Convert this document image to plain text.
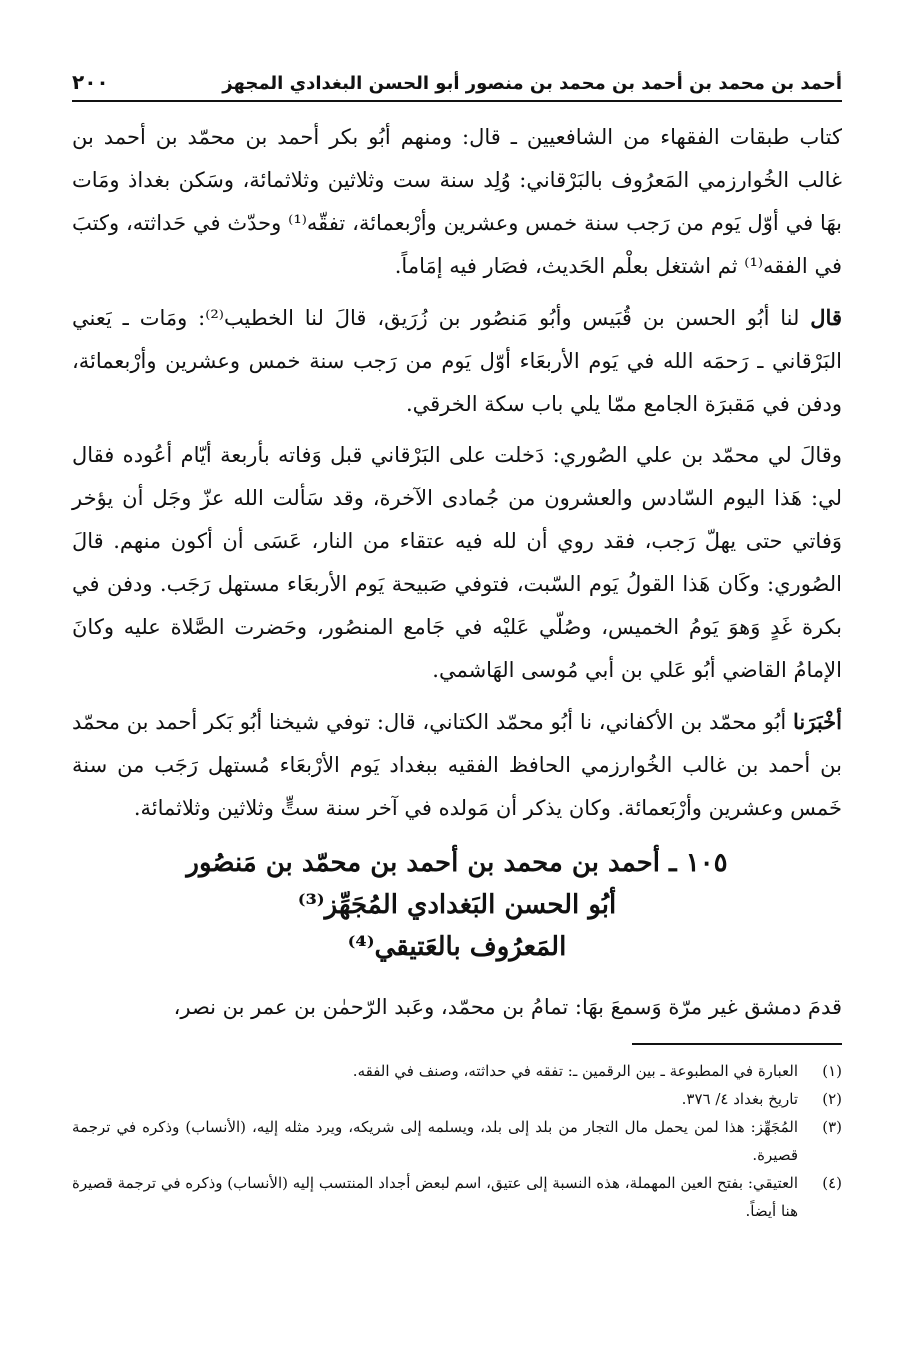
أحمد بن محمد بن أحمد بن محمد بن منصور أبو الحسن البغدادي المجهز
٢٠٠

كتاب طبقات الفقهاء من الشافعيين ـ قال: ومنهم أبُو بكر أحمد بن محمّد بن أحمد بن غالب الخُوارزمي المَعرُوف بالبَرْقاني: وُلِد سنة ست وثلاثين وثلاثمائة، وسَكن بغداذ ومَات بهَا في أوّل يَوم من رَجب سنة خمس وعشرين وأرْبعمائة، تفقّه⁽¹⁾ وحدّث في حَداثته، وكتبَ في الفقه⁽¹⁾ ثم اشتغل بعلْم الحَديث، فصَار فيه إمَاماً.

قال لنا أبُو الحسن بن قُبَيس وأبُو مَنصُور بن زُرَيق، قالَ لنا الخطيب⁽²⁾: ومَات ـ يَعني البَرْقاني ـ رَحمَه الله في يَوم الأربعَاء أوّل يَوم من رَجب سنة خمس وعشرين وأرْبعمائة، ودفن في مَقبرَة الجامع ممّا يلي باب سكة الخرقي.

وقالَ لي محمّد بن علي الصُوري: دَخلت على البَرْقاني قبل وَفاته بأربعة أيّام أعُوده فقال لي: هَذا اليوم السّادس والعشرون من جُمادى الآخرة، وقد سَألت الله عزّ وجَل أن يؤخر وَفاتي حتى يهلّ رَجب، فقد روي أن لله فيه عتقاء من النار، عَسَى أن أكون منهم. قالَ الصُوري: وكَان هَذا القولُ يَوم السّبت، فتوفي صَبيحة يَوم الأربعَاء مستهل رَجَب. ودفن في بكرة غَدٍ وَهوَ يَومُ الخميس، وصُلّي عَليْه في جَامع المنصُور، وحَضرت الصَّلاة عليه وكانَ الإمامُ القاضي أبُو عَلي بن أبي مُوسى الهَاشمي.

أخْبَرَنا أبُو محمّد بن الأكفاني، نا أبُو محمّد الكتاني، قال: توفي شيخنا أبُو بَكر أحمد بن محمّد بن أحمد بن غالب الخُوارزمي الحافظ الفقيه ببغداد يَوم الأرْبعَاء مُستهل رَجَب من سنة خَمس وعشرين وأرْبَعمائة. وكان يذكر أن مَولده في آخر سنة ستٍّ وثلاثين وثلاثمائة.

١٠٥ ـ أحمد بن محمد بن أحمد بن محمّد بن مَنصُور
أبُو الحسن البَغدادي المُجَهِّز⁽³⁾
المَعرُوف بالعَتيقي⁽⁴⁾

قدمَ دمشق غير مرّة وَسمعَ بهَا: تمامُ بن محمّد، وعَبد الرّحمٰن بن عمر بن نصر،

(١)
العبارة في المطبوعة ـ بين الرقمين ـ: تفقه في حداثته، وصنف في الفقه.
(٢)
تاريخ بغداد ٤/ ٣٧٦.
(٣)
المُجَهِّز: هذا لمن يحمل مال التجار من بلد إلى بلد، ويسلمه إلى شريكه، ويرد مثله إليه، (الأنساب) وذكره في ترجمة قصيرة.
(٤)
العتيقي: بفتح العين المهملة، هذه النسبة إلى عتيق، اسم لبعض أجداد المنتسب إليه (الأنساب) وذكره في ترجمة قصيرة هنا أيضاً.
